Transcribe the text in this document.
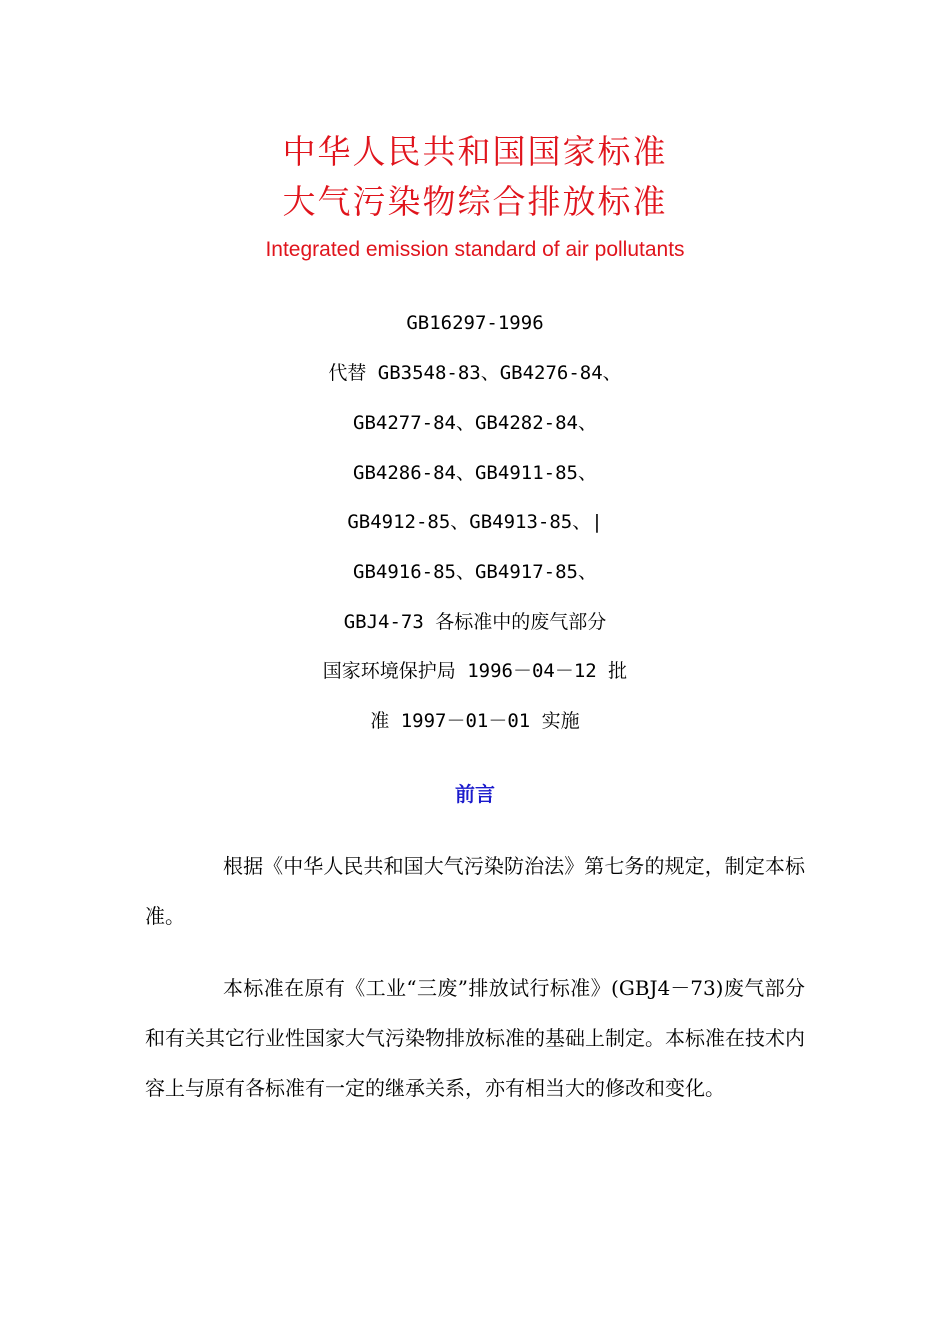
中华人民共和国国家标准
大气污染物综合排放标准
Integrated emission standard of air pollutants
GB16297-1996
代替 GB3548-83、GB4276-84、
GB4277-84、GB4282-84、
GB4286-84、GB4911-85、
GB4912-85、GB4913-85、|
GB4916-85、GB4917-85、
GBJ4-73 各标准中的废气部分
国家环境保护局 1996－04－12 批
准 1997－01－01 实施
前言

根据《中华人民共和国大气污染防治法》第七务的规定，制定本标准。

本标准在原有《工业“三废”排放试行标准》(GBJ4－73)废气部分和有关其它行业性国家大气污染物排放标准的基础上制定。本标准在技术内容上与原有各标准有一定的继承关系，亦有相当大的修改和变化。
